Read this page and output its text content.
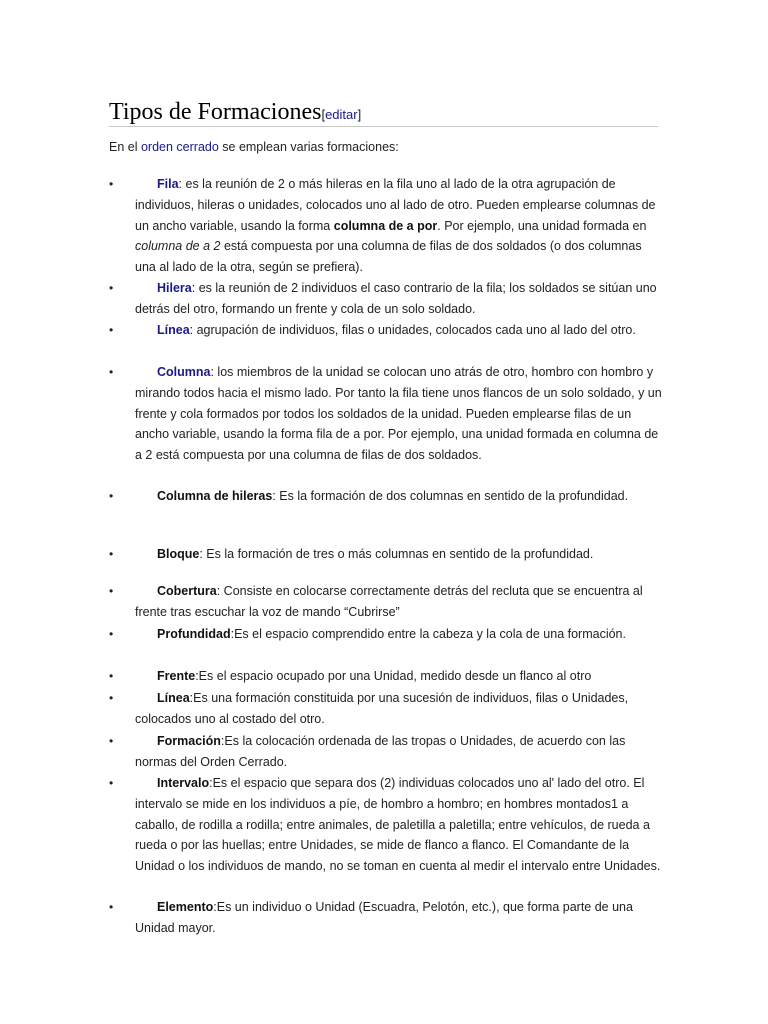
Tipos de Formaciones[editar]
En el orden cerrado se emplean varias formaciones:
•	Fila: es la reunión de 2 o más hileras en la fila uno al lado de la otra agrupación de individuos, hileras o unidades, colocados uno al lado de otro. Pueden emplearse columnas de un ancho variable, usando la forma columna de a por. Por ejemplo, una unidad formada en columna de a 2 está compuesta por una columna de filas de dos soldados (o dos columnas una al lado de la otra, según se prefiera).
•	Hilera: es la reunión de 2 individuos el caso contrario de la fila; los soldados se sitúan uno detrás del otro, formando un frente y cola de un solo soldado.
•	Línea: agrupación de individuos, filas o unidades, colocados cada uno al lado del otro.
•	Columna: los miembros de la unidad se colocan uno atrás de otro, hombro con hombro y mirando todos hacia el mismo lado. Por tanto la fila tiene unos flancos de un solo soldado, y un frente y cola formados por todos los soldados de la unidad. Pueden emplearse filas de un ancho variable, usando la forma fila de a por. Por ejemplo, una unidad formada en columna de a 2 está compuesta por una columna de filas de dos soldados.
•	Columna de hileras: Es la formación de dos columnas en sentido de la profundidad.
•	Bloque: Es la formación de tres o más columnas en sentido de la profundidad.
•	Cobertura: Consiste en colocarse correctamente detrás del recluta que se encuentra al frente tras escuchar la voz de mando “Cubrirse”
•	Profundidad:Es el espacio comprendido entre la cabeza y la cola de una formación.
•	Frente:Es el espacio ocupado por una Unidad, medido desde un flanco al otro
•	Línea:Es una formación constituida por una sucesión de individuos, filas o Unidades, colocados uno al costado del otro.
•	Formación:Es la colocación ordenada de las tropas o Unidades, de acuerdo con las normas del Orden Cerrado.
•	Intervalo:Es el espacio que separa dos (2) individuas colocados uno al' lado del otro. El intervalo se mide en los individuos a píe, de hombro a hombro; en hombres montados1 a caballo, de rodilla a rodilla; entre animales, de paletilla a paletilla; entre vehículos, de rueda a rueda o por las huellas; entre Unidades, se mide de flanco a flanco. El Comandante de la Unidad o los individuos de mando, no se toman en cuenta al medir el intervalo entre Unidades.
•	Elemento:Es un individuo o Unidad (Escuadra, Pelotón, etc.), que forma parte de una Unidad mayor.
